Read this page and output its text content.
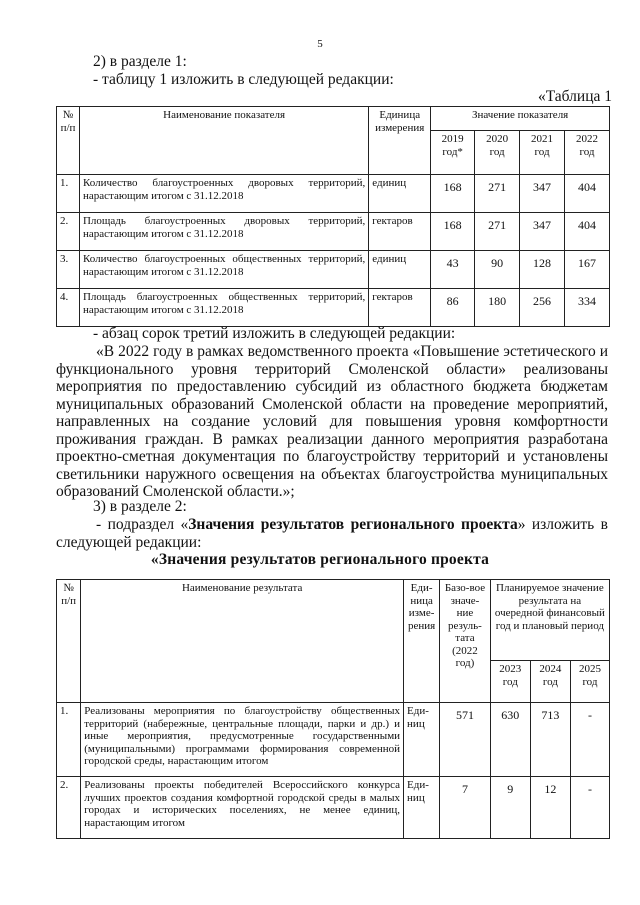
5
2) в разделе 1:
- таблицу 1 изложить в следующей редакции:
«Таблица 1
№ п/п	Наименование показателя	Единица измерения	Значение показателя			
			2019 год*	2020 год	2021 год	2022 год
1.	Количество благоустроенных дворовых территорий, нарастающим итогом с 31.12.2018	единиц	168	271	347	404
2.	Площадь благоустроенных дворовых территорий, нарастающим итогом с 31.12.2018	гектаров	168	271	347	404
3.	Количество благоустроенных общественных территорий, нарастающим итогом с 31.12.2018	единиц	43	90	128	167
4.	Площадь благоустроенных общественных территорий, нарастающим итогом с 31.12.2018	гектаров	86	180	256	334
- абзац сорок третий изложить в следующей редакции:

«В 2022 году в рамках ведомственного проекта «Повышение эстетического и функционального уровня территорий Смоленской области» реализованы мероприятия по предоставлению субсидий из областного бюджета бюджетам муниципальных образований Смоленской области на проведение мероприятий, направленных на создание условий для повышения уровня комфортности проживания граждан. В рамках реализации данного мероприятия разработана проектно-сметная документация по благоустройству территорий и установлены светильники наружного освещения на объектах благоустройства муниципальных образований Смоленской области.»;

3) в разделе 2:

- подраздел «Значения результатов регионального проекта» изложить в следующей редакции:

«Значения результатов регионального проекта
№ п/п	Наименование результата	Еди-ница изме-рения	Базо-вое значе-ние резуль-тата (2022 год)	Планируемое значение результата на очередной финансовый год и плановый период		
				2023 год	2024 год	2025 год
1.	Реализованы мероприятия по благоустройству общественных территорий (набережные, центральные площади, парки и др.) и иные мероприятия, предусмотренные государственными (муниципальными) программами формирования современной городской среды, нарастающим итогом	Еди-ниц	571	630	713	-
2.	Реализованы проекты победителей Всероссийского конкурса лучших проектов создания комфортной городской среды в малых городах и исторических поселениях, не менее единиц, нарастающим итогом	Еди-ниц	7	9	12	-
